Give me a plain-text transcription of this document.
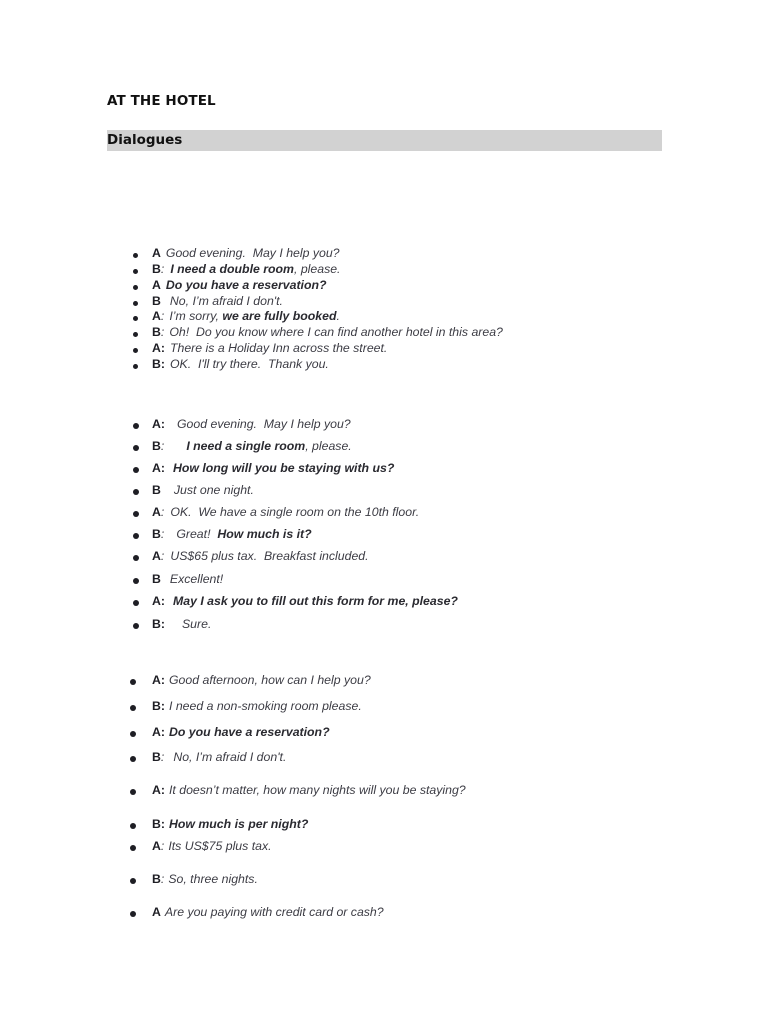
AT THE HOTEL
Dialogues
A Good evening.  May I help you?
B: I need a double room, please.
A Do you have a reservation?
B No, I’m afraid I don't.
A: I’m sorry, we are fully booked.
B: Oh!  Do you know where I can find another hotel in this area?
A: There is a Holiday Inn across the street.
B: OK.  I'll try there.  Thank you.
A: Good evening.  May I help you?
B: I need a single room, please.
A: How long will you be staying with us?
B Just one night.
A: OK.  We have a single room on the 10th floor.
B: Great!  How much is it?
A: US$65 plus tax.  Breakfast included.
B Excellent!
A: May I ask you to fill out this form for me, please?
B: Sure.
A: Good afternoon, how can I help you?
B: I need a non-smoking room please.
A: Do you have a reservation?
B: No, I’m afraid I don't.
A: It doesn’t matter, how many nights will you be staying?
B: How much is per night?
A: Its US$75 plus tax.
B: So, three nights.
A Are you paying with credit card or cash?
